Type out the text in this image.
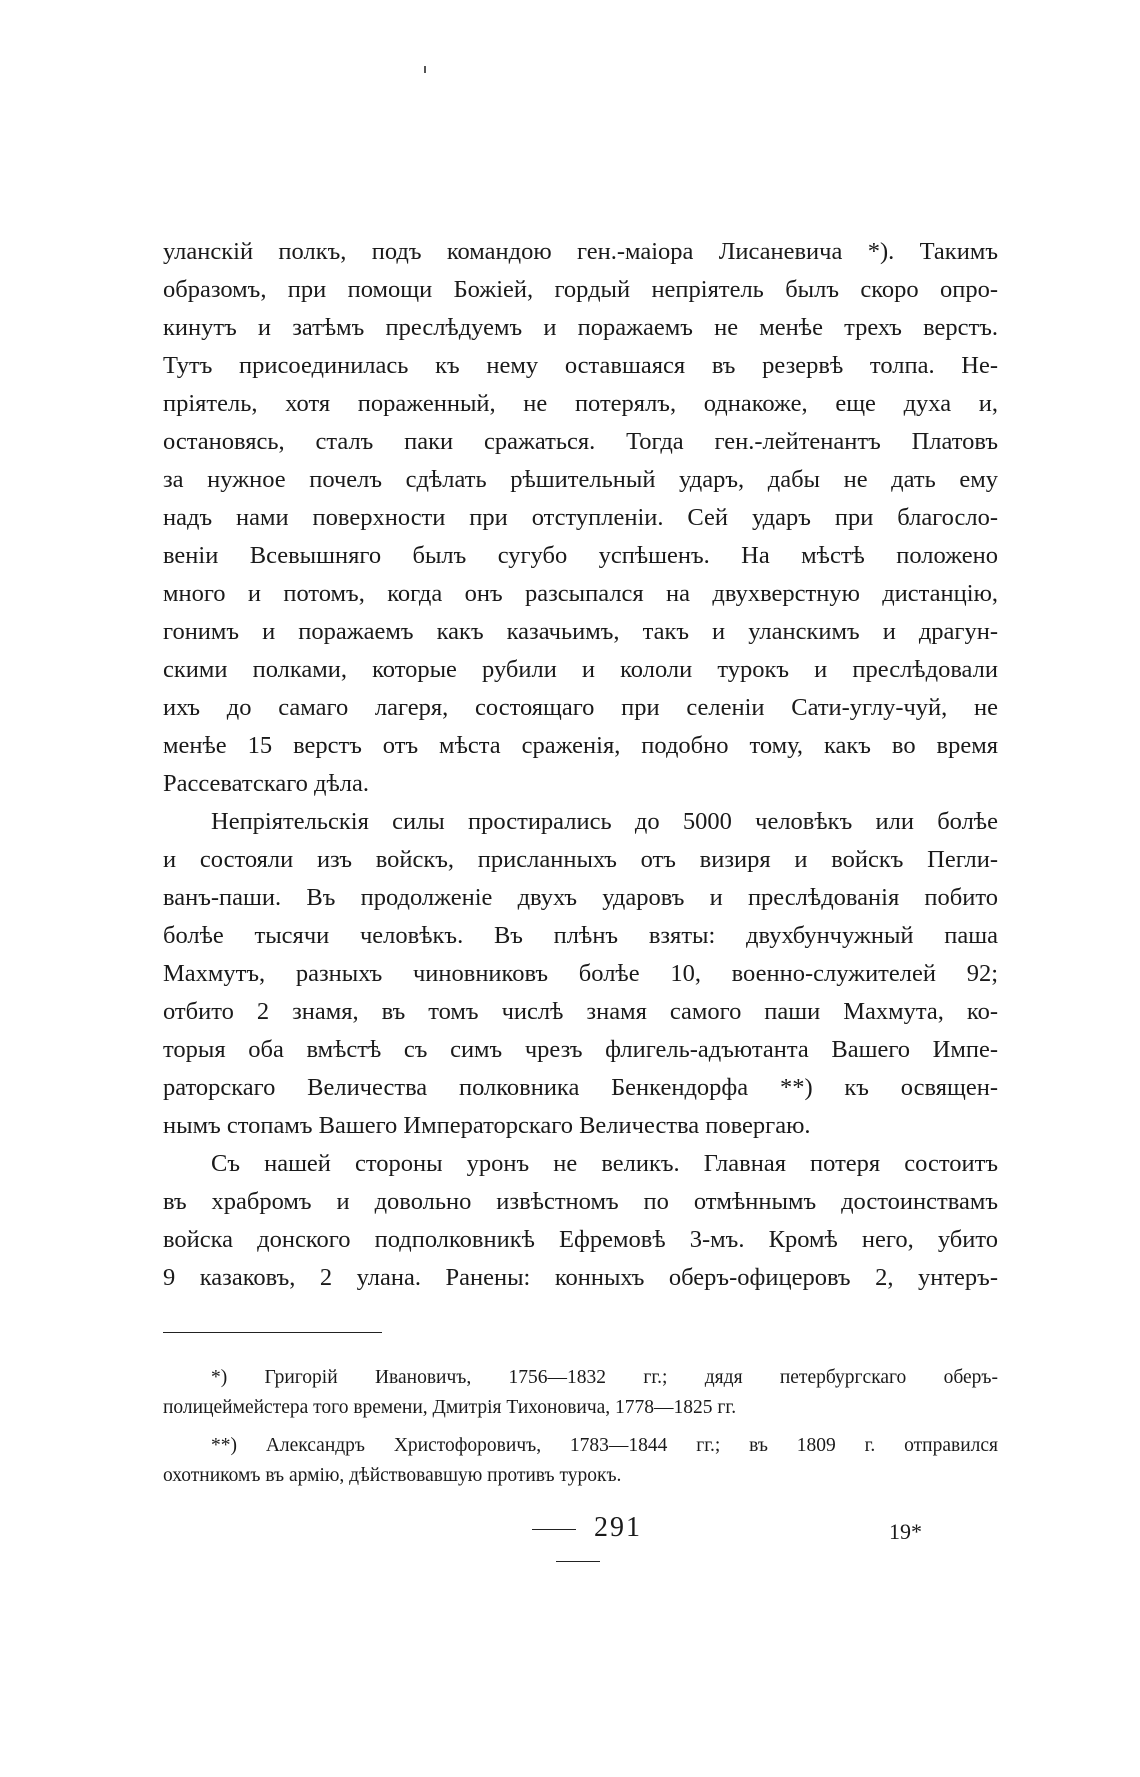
уланскій полкъ, подъ командою ген.-маіора Лисаневича *). Такимъ
образомъ, при помощи Божіей, гордый непріятель былъ скоро опро-
кинутъ и затѣмъ преслѣдуемъ и поражаемъ не менѣе трехъ верстъ.
Тутъ присоединилась къ нему оставшаяся въ резервѣ толпа. Не-
пріятель, хотя пораженный, не потерялъ, однакоже, еще духа и,
остановясь, сталъ паки сражаться. Тогда ген.-лейтенантъ Платовъ
за нужное почелъ сдѣлать рѣшительный ударъ, дабы не дать ему
надъ нами поверхности при отступленіи. Сей ударъ при благосло-
веніи Всевышняго былъ сугубо успѣшенъ. На мѣстѣ положено
много и потомъ, когда онъ разсыпался на двухверстную дистанцію,
гонимъ и поражаемъ какъ казачьимъ, такъ и уланскимъ и драгун-
скими полками, которые рубили и кололи турокъ и преслѣдовали
ихъ до самаго лагеря, состоящаго при селеніи Сати-углу-чуй, не
менѣе 15 верстъ отъ мѣста сраженія, подобно тому, какъ во время
Рассеватскаго дѣла.
Непріятельскія силы простирались до 5000 человѣкъ или болѣе
и состояли изъ войскъ, присланныхъ отъ визиря и войскъ Пегли-
ванъ-паши. Въ продолженіе двухъ ударовъ и преслѣдованія побито
болѣе тысячи человѣкъ. Въ плѣнъ взяты: двухбунчужный паша
Махмутъ, разныхъ чиновниковъ болѣе 10, военно-служителей 92;
отбито 2 знамя, въ томъ числѣ знамя самого паши Махмута, ко-
торыя оба вмѣстѣ съ симъ чрезъ флигель-адъютанта Вашего Импе-
раторскаго Величества полковника Бенкендорфа **) къ освящен-
нымъ стопамъ Вашего Императорскаго Величества повергаю.
Съ нашей стороны уронъ не великъ. Главная потеря состоитъ
въ храбромъ и довольно извѣстномъ по отмѣннымъ достоинствамъ
войска донского подполковникѣ Ефремовѣ 3-мъ. Кромѣ него, убито
9 казаковъ, 2 улана. Ранены: конныхъ оберъ-офицеровъ 2, унтеръ-
*) Григорій Ивановичъ, 1756—1832 гг.; дядя петербургскаго оберъ-
полицеймейстера того времени, Дмитрія Тихоновича, 1778—1825 гг.
**) Александръ Христофоровичъ, 1783—1844 гг.; въ 1809 г. отправился
охотникомъ въ армію, дѣйствовавшую противъ турокъ.
291	19*
